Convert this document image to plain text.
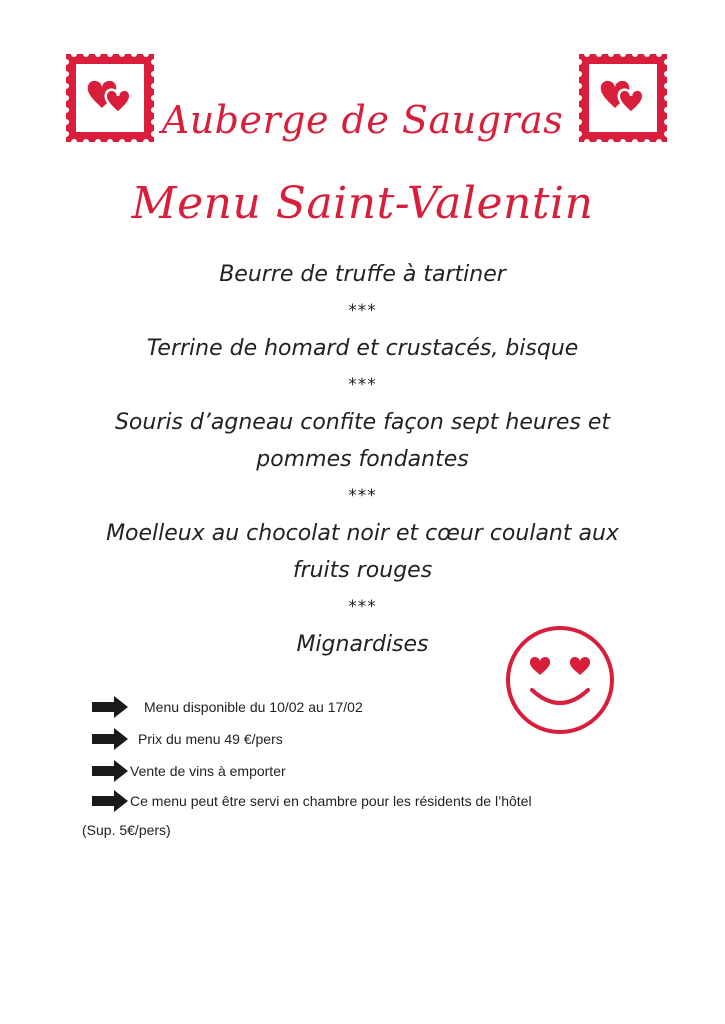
Auberge de Saugras
Menu Saint-Valentin
Beurre de truffe à tartiner
***
Terrine de homard et crustacés, bisque
***
Souris d’agneau confite façon sept heures et
pommes fondantes
***
Moelleux au chocolat noir et cœur coulant aux
fruits rouges
***
Mignardises
Menu disponible du 10/02 au 17/02
Prix du menu 49 €/pers
Vente de vins à emporter
Ce menu peut être servi en chambre pour les résidents de l’hôtel
(Sup. 5€/pers)
